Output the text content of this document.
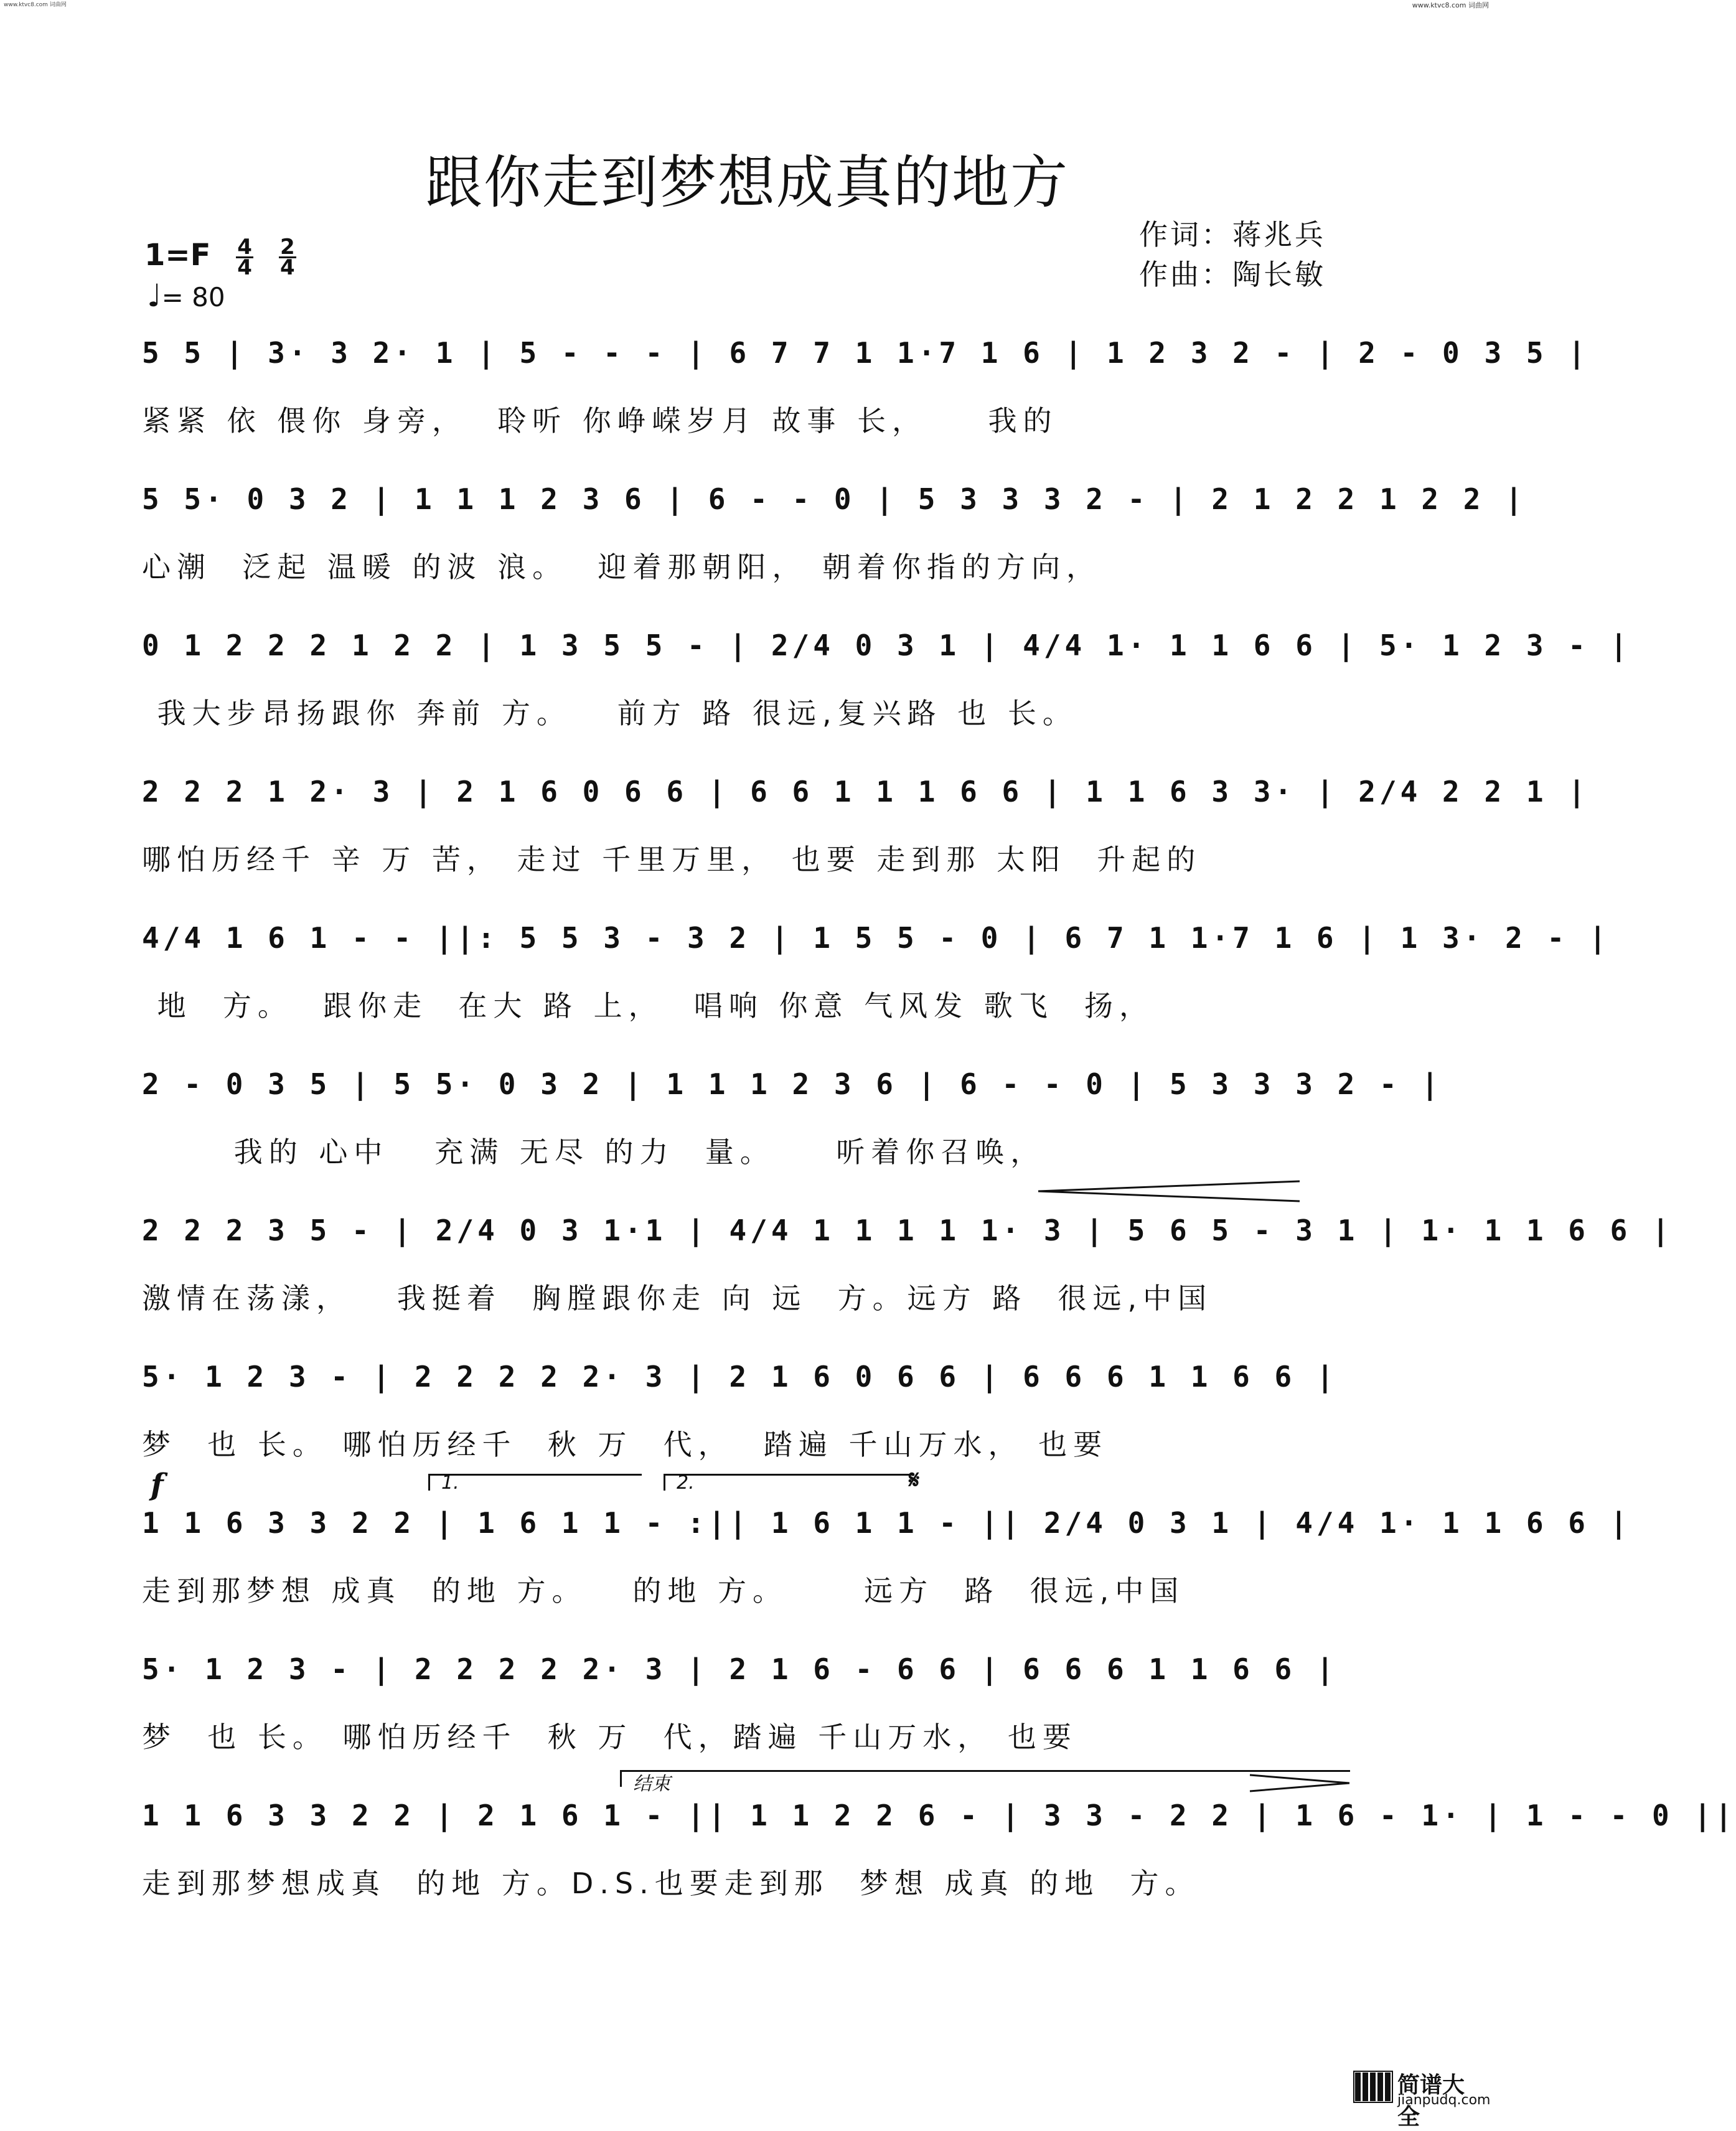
www.ktvc8.com 词曲网	www.ktvc8.com 词曲网
跟你走到梦想成真的地方
$1=F \frac{4}{4}$
$\frac{2}{4}$
♩= 80
作词：蒋兆兵
作曲：陶长敏
5 5 | 3· 3 2· 1 | 5 - - - | 6 7 7 1 1·7 1 6 | 1 2 3 2 - | 2 - 0 3 5 |
紧紧 依 偎你 身旁，  聆听 你峥嵘岁月 故事 长，    我的
5 5· 0 3 2 | 1 1 1 2 3 6 | 6 - - 0 | 5 3 3 3 2 - | 2 1 2 2 1 2 2 |
心潮  泛起 温暖 的波 浪。  迎着那朝阳， 朝着你指的方向，
0 1 2 2 2 1 2 2 | 1 3 5 5 - | 2/4 0 3 1 | 4/4 1· 1 1 6 6 | 5· 1 2 3 - |
我大步昂扬跟你 奔前 方。   前方 路 很远,复兴路 也 长。
2 2 2 1 2· 3 | 2 1 6 0 6 6 | 6 6 1 1 1 6 6 | 1 1 6 3 3· | 2/4 2 2 1 |
哪怕历经千 辛 万 苦， 走过 千里万里， 也要 走到那 太阳  升起的
4/4 1 6 1 - - ||: 5 5 3 - 3 2 | 1 5 5 - 0 | 6 7 1 1·7 1 6 | 1 3· 2 - |
地  方。  跟你走  在大 路 上，  唱响 你意 气风发 歌飞  扬，
2 - 0 3 5 | 5 5· 0 3 2 | 1 1 1 2 3 6 | 6 - - 0 | 5 3 3 3 2 - |
我的 心中   充满 无尽 的力  量。    听着你召唤，
2 2 2 3 5 - | 2/4 0 3 1·1 | 4/4 1 1 1 1 1· 3 | 5 6 5 - 3 1 | 1· 1 1 6 6 |
激情在荡漾，   我挺着  胸膛跟你走 向 远  方。远方 路  很远,中国
5· 1 2 3 - | 2 2 2 2 2· 3 | 2 1 6 0 6 6 | 6 6 6 1 1 6 6 |
梦  也 长。 哪怕历经千  秋 万  代，  踏遍 千山万水， 也要
f	1.	2.	𝄋
1 1 6 3 3 2 2 | 1 6 1 1 - :|| 1 6 1 1 - || 2/4 0 3 1 | 4/4 1· 1 1 6 6 |
走到那梦想 成真  的地 方。   的地 方。     远方  路  很远,中国
5· 1 2 3 - | 2 2 2 2 2· 3 | 2 1 6 - 6 6 | 6 6 6 1 1 6 6 |
梦  也 长。 哪怕历经千  秋 万  代，踏遍 千山万水， 也要
结束
1 1 6 3 3 2 2 | 2 1 6 1 - || 1 1 2 2 6 - | 3 3 - 2 2 | 1 6 - 1· | 1 - - 0 ||
走到那梦想成真  的地 方。D.S.也要走到那  梦想 成真 的地  方。
简谱大全
jianpudq.com
